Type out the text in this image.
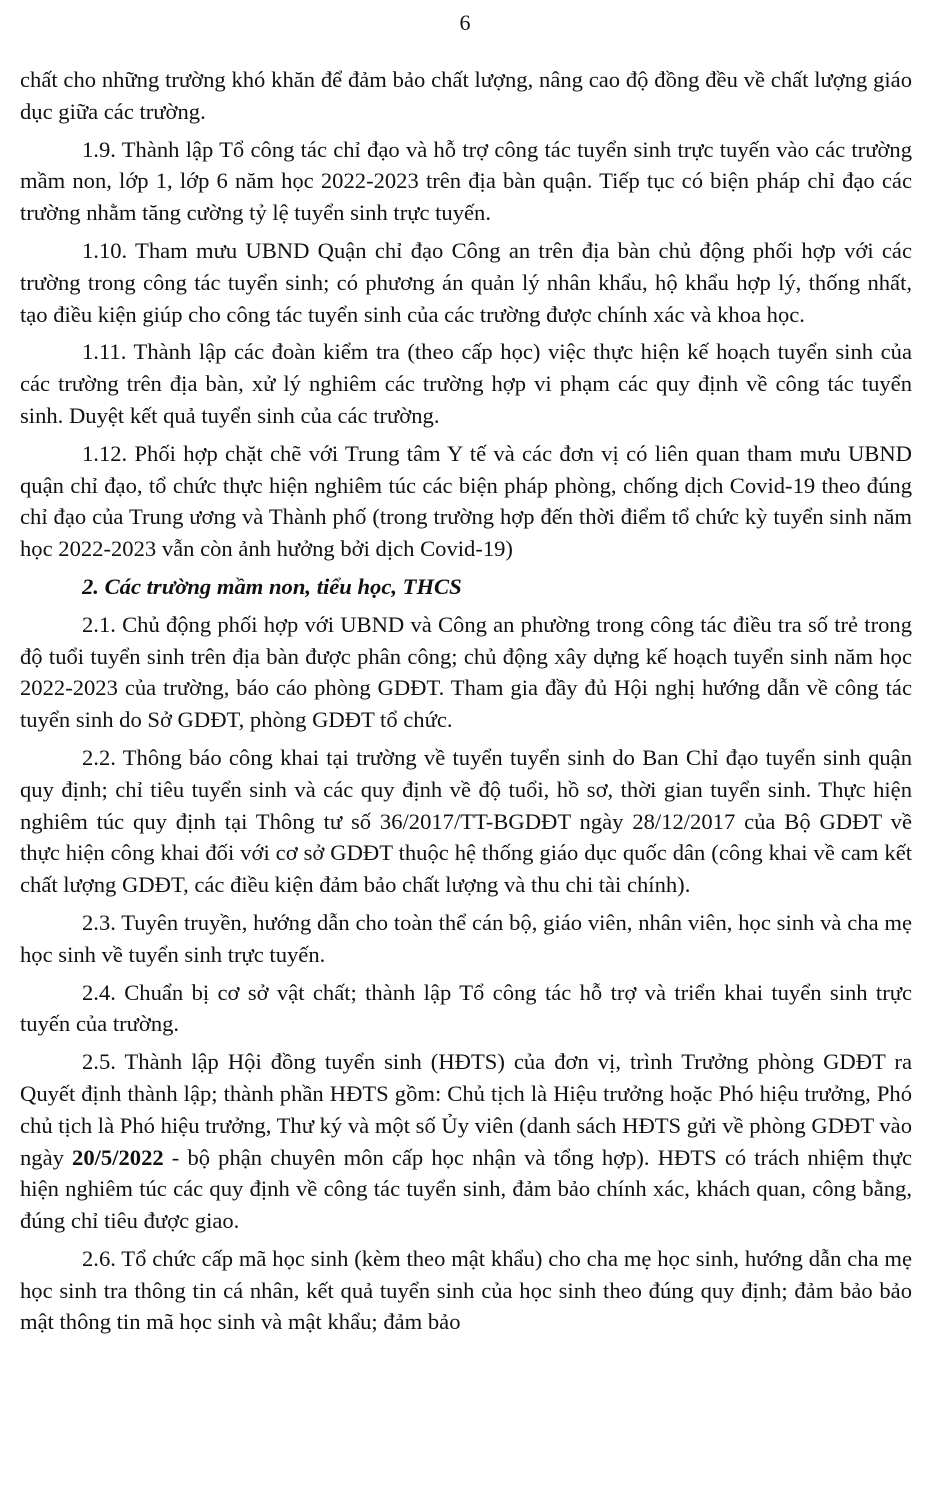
6

chất cho những trường khó khăn để đảm bảo chất lượng, nâng cao độ đồng đều về chất lượng giáo dục giữa các trường.

1.9. Thành lập Tổ công tác chỉ đạo và hỗ trợ công tác tuyển sinh trực tuyến vào các trường mầm non, lớp 1, lớp 6 năm học 2022-2023 trên địa bàn quận. Tiếp tục có biện pháp chỉ đạo các trường nhằm tăng cường tỷ lệ tuyển sinh trực tuyến.

1.10. Tham mưu UBND Quận chỉ đạo Công an trên địa bàn chủ động phối hợp với các trường trong công tác tuyển sinh; có phương án quản lý nhân khẩu, hộ khẩu hợp lý, thống nhất, tạo điều kiện giúp cho công tác tuyển sinh của các trường được chính xác và khoa học.

1.11. Thành lập các đoàn kiểm tra (theo cấp học) việc thực hiện kế hoạch tuyển sinh của các trường trên địa bàn, xử lý nghiêm các trường hợp vi phạm các quy định về công tác tuyển sinh. Duyệt kết quả tuyển sinh của các trường.

1.12. Phối hợp chặt chẽ với Trung tâm Y tế và các đơn vị có liên quan tham mưu UBND quận chỉ đạo, tổ chức thực hiện nghiêm túc các biện pháp phòng, chống dịch Covid-19 theo đúng chỉ đạo của Trung ương và Thành phố (trong trường hợp đến thời điểm tổ chức kỳ tuyển sinh năm học 2022-2023 vẫn còn ảnh hưởng bởi dịch Covid-19)

2. Các trường mầm non, tiểu học, THCS

2.1. Chủ động phối hợp với UBND và Công an phường trong công tác điều tra số trẻ trong độ tuổi tuyển sinh trên địa bàn được phân công; chủ động xây dựng kế hoạch tuyển sinh năm học 2022-2023 của trường, báo cáo phòng GDĐT. Tham gia đầy đủ Hội nghị hướng dẫn về công tác tuyển sinh do Sở GDĐT, phòng GDĐT tổ chức.

2.2. Thông báo công khai tại trường về tuyển tuyển sinh do Ban Chỉ đạo tuyển sinh quận quy định; chỉ tiêu tuyển sinh và các quy định về độ tuổi, hồ sơ, thời gian tuyển sinh. Thực hiện nghiêm túc quy định tại Thông tư số 36/2017/TT-BGDĐT ngày 28/12/2017 của Bộ GDĐT về thực hiện công khai đối với cơ sở GDĐT thuộc hệ thống giáo dục quốc dân (công khai về cam kết chất lượng GDĐT, các điều kiện đảm bảo chất lượng và thu chi tài chính).

2.3. Tuyên truyền, hướng dẫn cho toàn thể cán bộ, giáo viên, nhân viên, học sinh và cha mẹ học sinh về tuyển sinh trực tuyến.

2.4. Chuẩn bị cơ sở vật chất; thành lập Tổ công tác hỗ trợ và triển khai tuyển sinh trực tuyến của trường.

2.5. Thành lập Hội đồng tuyển sinh (HĐTS) của đơn vị, trình Trưởng phòng GDĐT ra Quyết định thành lập; thành phần HĐTS gồm: Chủ tịch là Hiệu trưởng hoặc Phó hiệu trưởng, Phó chủ tịch là Phó hiệu trưởng, Thư ký và một số Ủy viên (danh sách HĐTS gửi về phòng GDĐT vào ngày 20/5/2022 - bộ phận chuyên môn cấp học nhận và tổng hợp). HĐTS có trách nhiệm thực hiện nghiêm túc các quy định về công tác tuyển sinh, đảm bảo chính xác, khách quan, công bằng, đúng chỉ tiêu được giao.

2.6. Tổ chức cấp mã học sinh (kèm theo mật khẩu) cho cha mẹ học sinh, hướng dẫn cha mẹ học sinh tra thông tin cá nhân, kết quả tuyển sinh của học sinh theo đúng quy định; đảm bảo bảo mật thông tin mã học sinh và mật khẩu; đảm bảo
